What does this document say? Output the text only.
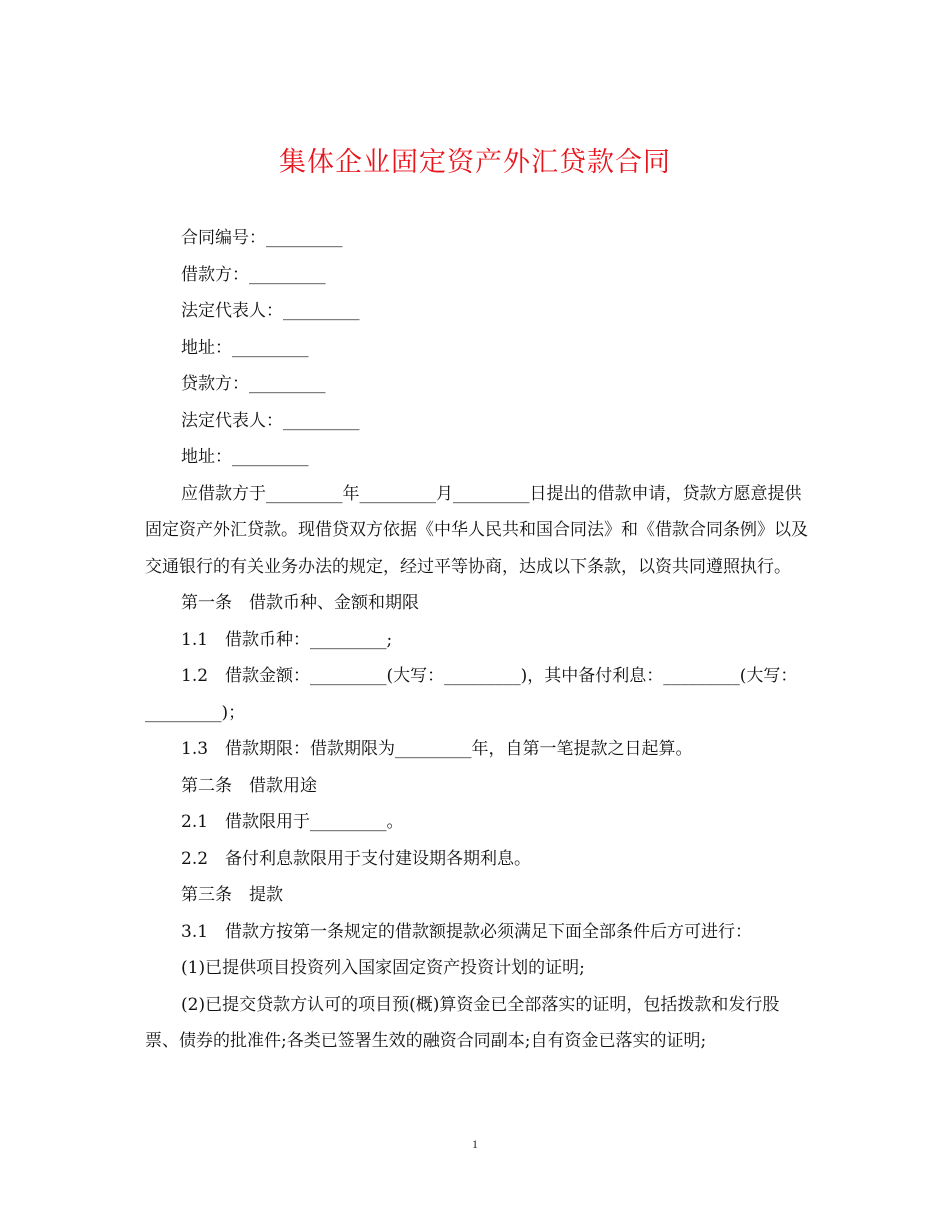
集体企业固定资产外汇贷款合同

合同编号：_________

借款方：_________

法定代表人：_________

地址：_________

贷款方：_________

法定代表人：_________

地址：_________

应借款方于_________年_________月_________日提出的借款申请，贷款方愿意提供固定资产外汇贷款。现借贷双方依据《中华人民共和国合同法》和《借款合同条例》以及交通银行的有关业务办法的规定，经过平等协商，达成以下条款，以资共同遵照执行。

第一条　借款币种、金额和期限

1.1　借款币种：_________;

1.2　借款金额：_________(大写：_________)，其中备付利息：_________(大写：_________)；

1.3　借款期限：借款期限为_________年，自第一笔提款之日起算。

第二条　借款用途

2.1　借款限用于_________。

2.2　备付利息款限用于支付建设期各期利息。

第三条　提款

3.1　借款方按第一条规定的借款额提款必须满足下面全部条件后方可进行：

(1)已提供项目投资列入国家固定资产投资计划的证明;

(2)已提交贷款方认可的项目预(概)算资金已全部落实的证明，包括拨款和发行股票、债券的批准件;各类已签署生效的融资合同副本;自有资金已落实的证明;

1
